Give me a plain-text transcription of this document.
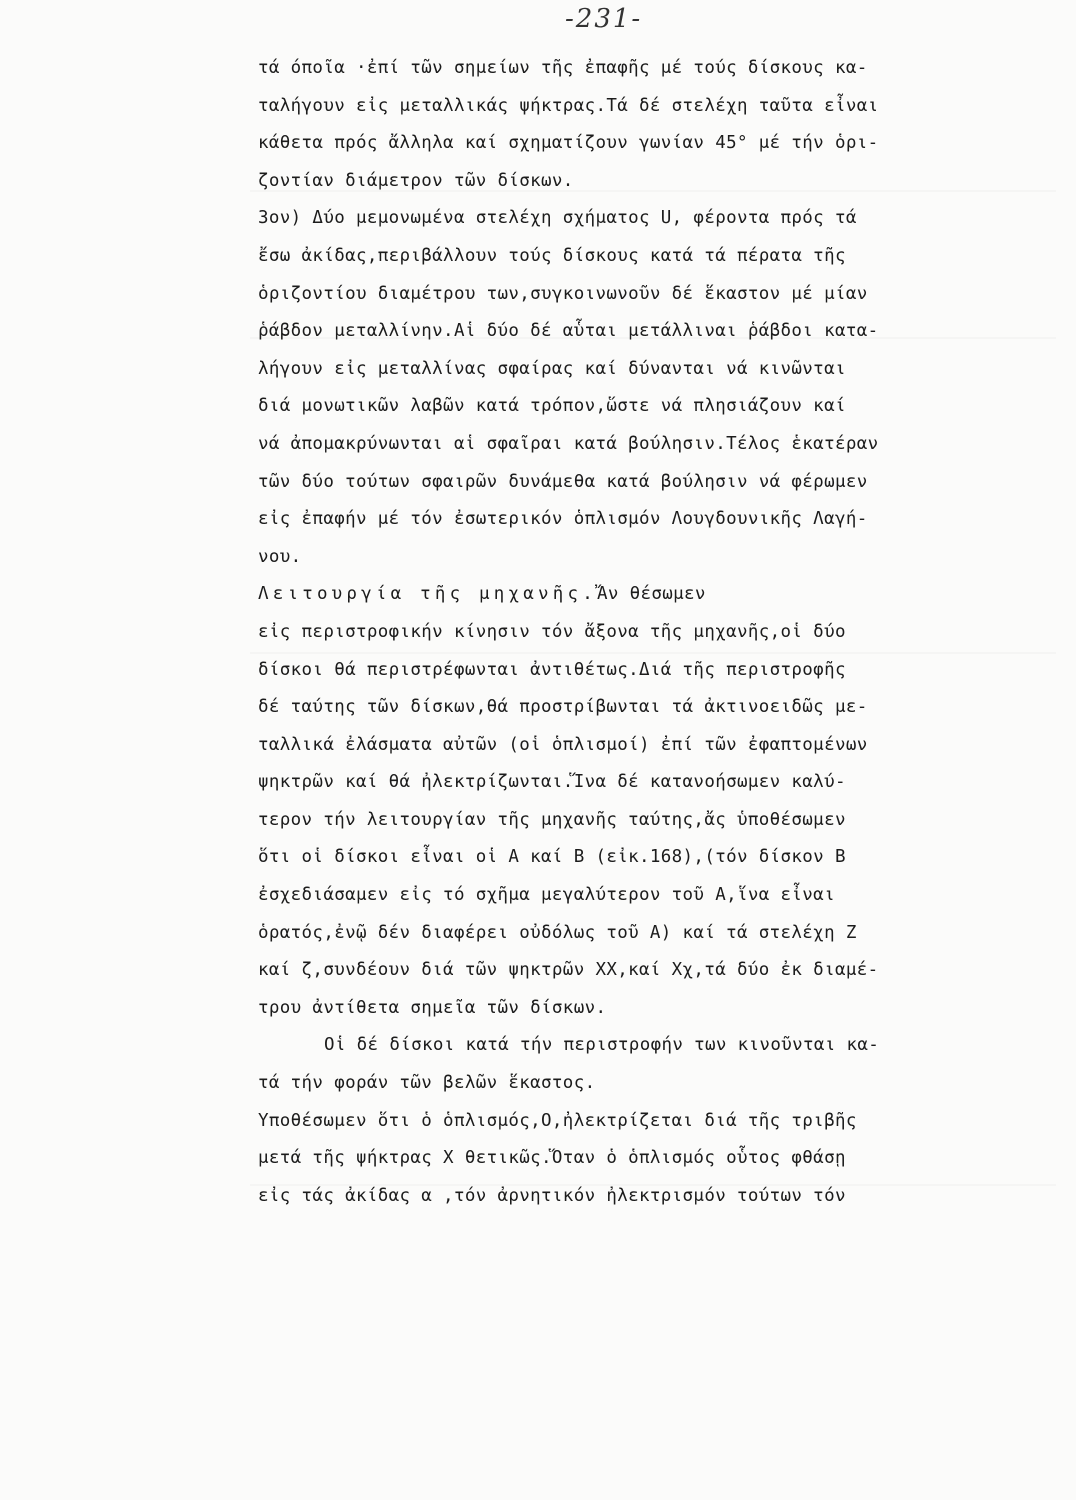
-231-
τά όποῖα ·ἐπί τῶν σημείων τῆς ἐπαφῆς μέ τούς δίσκους κα-
ταλήγουν εἰς μεταλλικάς ψήκτρας.Τά δέ στελέχη ταῦτα εἶναι
κάθετα πρός ἄλληλα καί σχηματίζουν γωνίαν 45° μέ τήν ὁρι-
ζοντίαν διάμετρον τῶν δίσκων.
3ον) Δύο μεμονωμένα στελέχη σχήματος U, φέροντα πρός τά
ἔσω ἀκίδας,περιβάλλουν τούς δίσκους κατά τά πέρατα τῆς
ὁριζοντίου διαμέτρου των,συγκοινωνοῦν δέ ἕκαστον μέ μίαν
ῥάβδον μεταλλίνην.Αἱ δύο δέ αὗται μετάλλιναι ῥάβδοι κατα-
λήγουν εἰς μεταλλίνας σφαίρας καί δύνανται νά κινῶνται
διά μονωτικῶν λαβῶν κατά τρόπον,ὥστε νά πλησιάζουν καί
νά ἀπομακρύνωνται αἱ σφαῖραι κατά βούλησιν.Τέλος ἑκατέραν
τῶν δύο τούτων σφαιρῶν δυνάμεθα κατά βούλησιν νά φέρωμεν
εἰς ἐπαφήν μέ τόν ἐσωτερικόν ὁπλισμόν Λουγδουνικῆς Λαγή-
νου.
Λειτουργία τῆς μηχανῆς.Ἄν θέσωμεν
εἰς περιστροφικήν κίνησιν τόν ἄξονα τῆς μηχανῆς,οἱ δύο
δίσκοι θά περιστρέφωνται ἀντιθέτως.Διά τῆς περιστροφῆς
δέ ταύτης τῶν δίσκων,θά προστρίβωνται τά ἀκτινοειδῶς με-
ταλλικά ἐλάσματα αὐτῶν (οἱ ὁπλισμοί) ἐπί τῶν ἐφαπτομένων
ψηκτρῶν καί θά ἠλεκτρίζωνται.Ἵνα δέ κατανοήσωμεν καλύ-
τερον τήν λειτουργίαν τῆς μηχανῆς ταύτης,ἄς ὑποθέσωμεν
ὅτι οἱ δίσκοι εἶναι οἱ Α καί Β (εἰκ.168),(τόν δίσκον Β
ἐσχεδιάσαμεν εἰς τό σχῆμα μεγαλύτερον τοῦ Α,ἵνα εἶναι
ὁρατός,ἐνῷ δέν διαφέρει οὐδόλως τοῦ Α) καί τά στελέχη Ζ
καί ζ,συνδέουν διά τῶν ψηκτρῶν ΧΧ,καί Χχ,τά δύο ἐκ διαμέ-
τρου ἀντίθετα σημεῖα τῶν δίσκων.
Οἱ δέ δίσκοι κατά τήν περιστροφήν των κινοῦνται κα-
τά τήν φοράν τῶν βελῶν ἕκαστος.
Ὑποθέσωμεν ὅτι ὁ ὁπλισμός,Ο,ἠλεκτρίζεται διά τῆς τριβῆς
μετά τῆς ψήκτρας Χ θετικῶς.Ὅταν ὁ ὁπλισμός οὗτος φθάσῃ
εἰς τάς ἀκίδας α ,τόν ἀρνητικόν ἠλεκτρισμόν τούτων τόν
